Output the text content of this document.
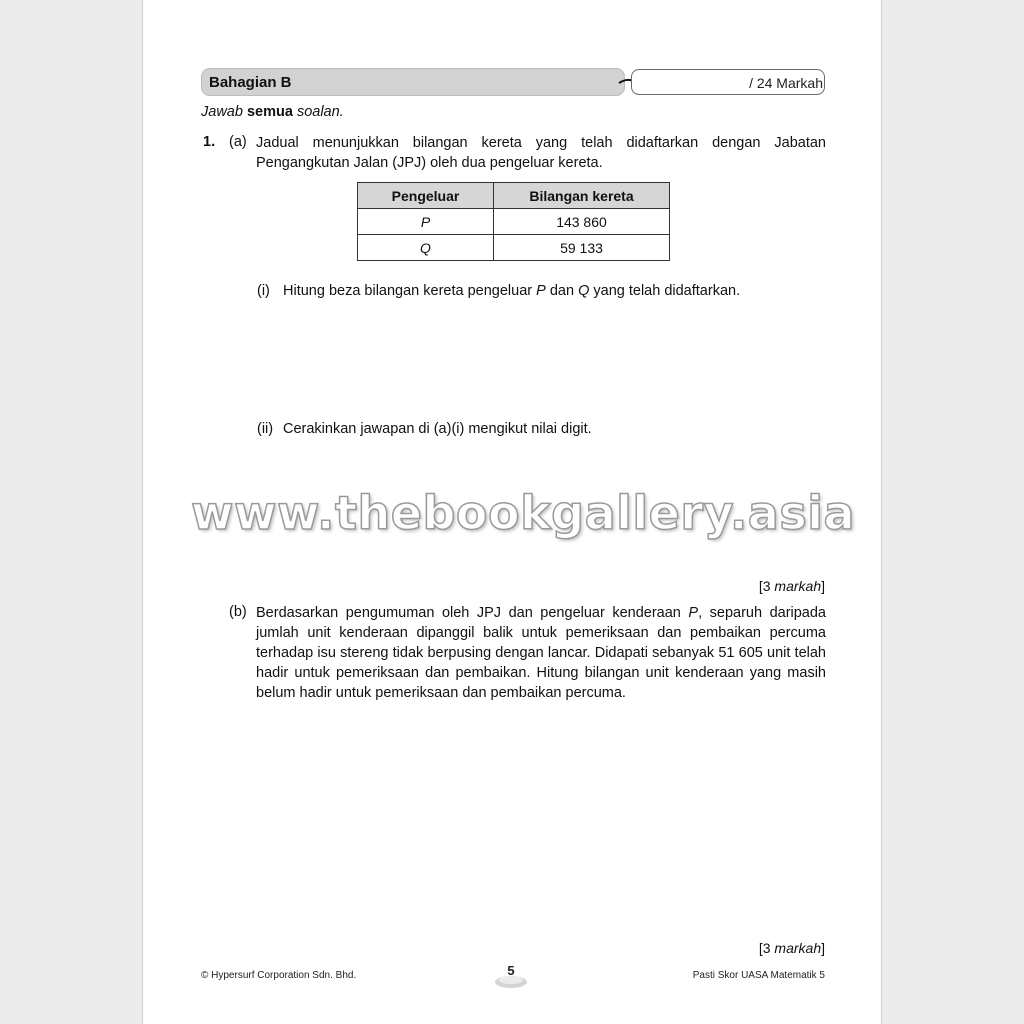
Bahagian B	/ 24 Markah
Jawab semua soalan.
1. (a) Jadual menunjukkan bilangan kereta yang telah didaftarkan dengan Jabatan Pengangkutan Jalan (JPJ) oleh dua pengeluar kereta.
Pengeluar	Bilangan kereta
P	143 860
Q	59 133
(i) Hitung beza bilangan kereta pengeluar P dan Q yang telah didaftarkan.
(ii) Cerakinkan jawapan di (a)(i) mengikut nilai digit.
www.thebookgallery.asia
[3 markah]
(b) Berdasarkan pengumuman oleh JPJ dan pengeluar kenderaan P, separuh daripada jumlah unit kenderaan dipanggil balik untuk pemeriksaan dan pembaikan percuma terhadap isu stereng tidak berpusing dengan lancar. Didapati sebanyak 51 605 unit telah hadir untuk pemeriksaan dan pembaikan. Hitung bilangan unit kenderaan yang masih belum hadir untuk pemeriksaan dan pembaikan percuma.
[3 markah]
© Hypersurf Corporation Sdn. Bhd.	5	Pasti Skor UASA Matematik 5
